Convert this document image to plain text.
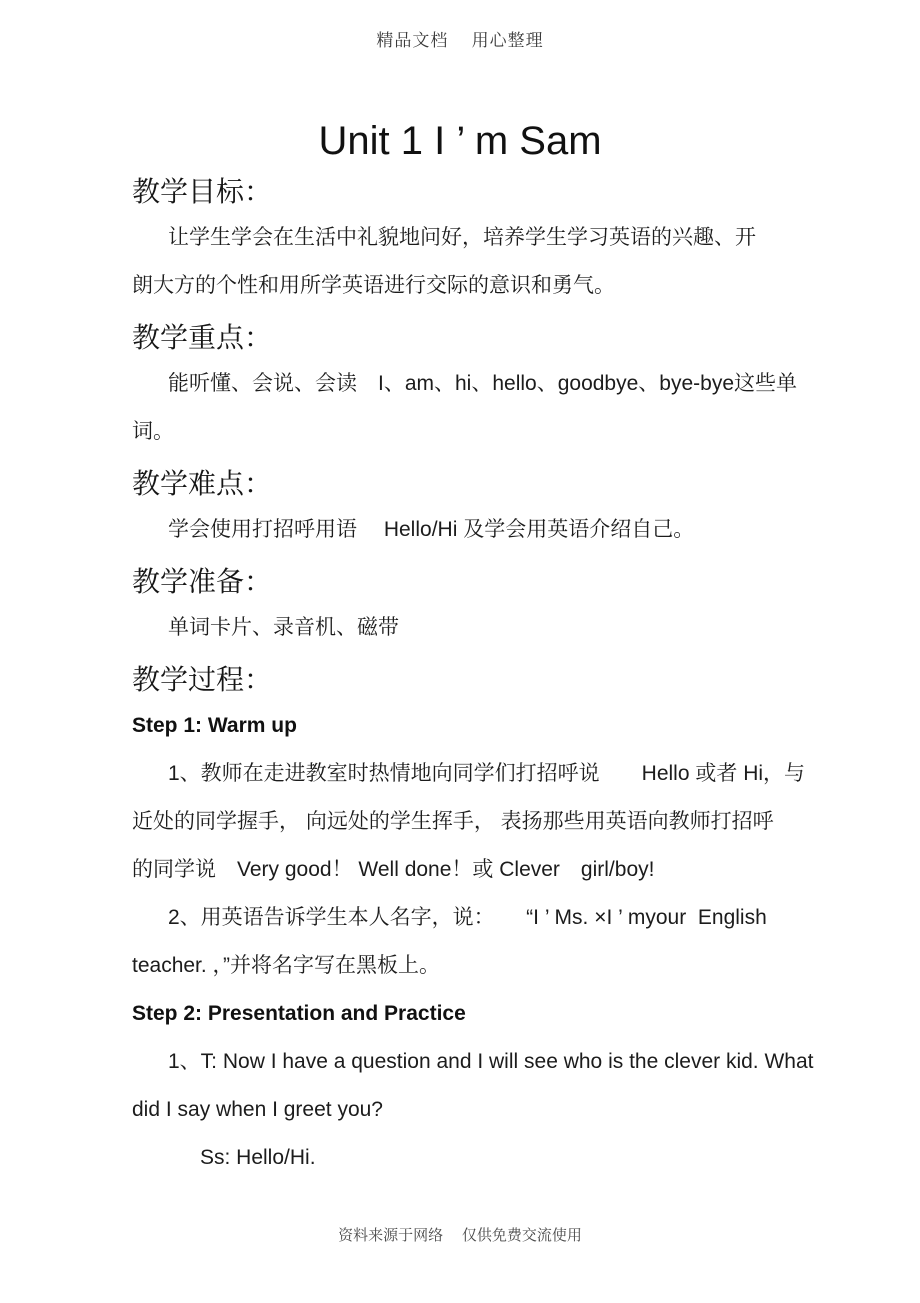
精品文档　 用心整理
Unit 1 I ’ m Sam
教学目标：
让学生学会在生活中礼貌地问好，培养学生学习英语的兴趣、开
朗大方的个性和用所学英语进行交际的意识和勇气。
教学重点：
能听懂、会说、会读　I、am、hi、hello、goodbye、bye-bye这些单
词。
教学难点：
学会使用打招呼用语　 Hello/Hi 及学会用英语介绍自己。
教学准备：
单词卡片、录音机、磁带
教学过程：
Step 1: Warm up
1、教师在走进教室时热情地向同学们打招呼说　　Hello 或者 Hi，与
近处的同学握手， 向远处的学生挥手， 表扬那些用英语向教师打招呼
的同学说　Very good！ Well done！或 Clever　girl/boy!
2、用英语告诉学生本人名字，说：　　“I ’ Ms. ×I ’ myour  English
teacher. ，”并将名字写在黑板上。
Step 2: Presentation and Practice
1、T: Now I have a question and I will see who is the clever kid. What
did I say when I greet you?
Ss: Hello/Hi.
资料来源于网络　 仅供免费交流使用
